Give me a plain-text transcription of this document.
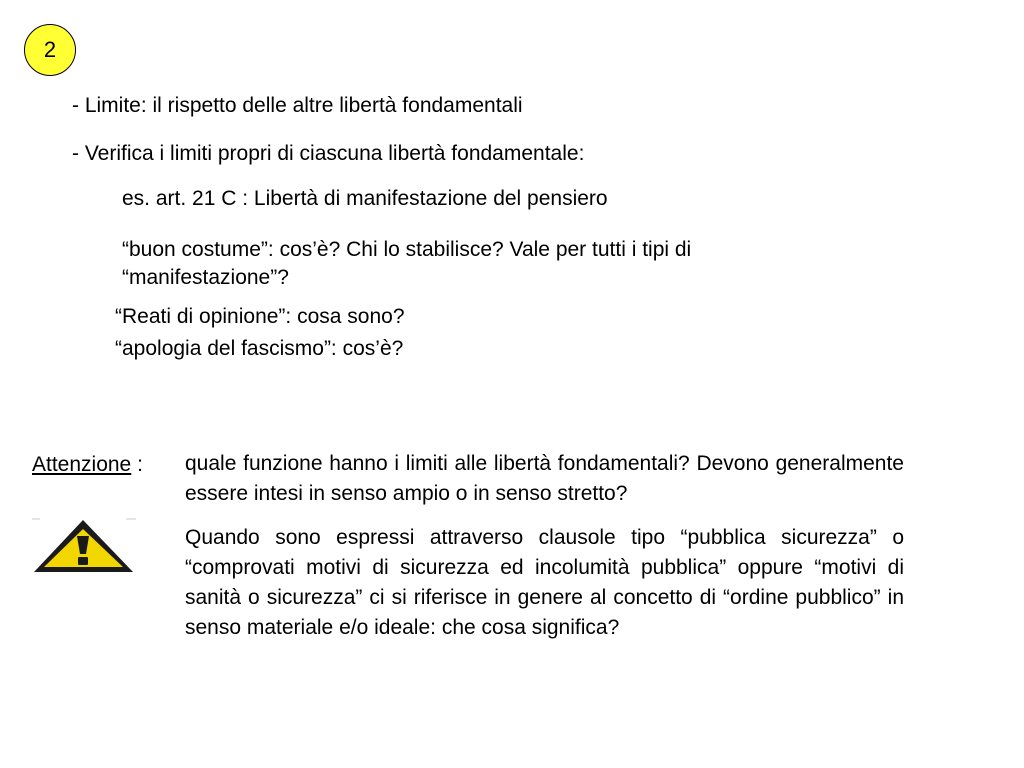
2
- Limite: il rispetto delle altre libertà fondamentali
- Verifica i limiti propri di ciascuna libertà fondamentale:
es. art. 21 C : Libertà di manifestazione del pensiero
“buon costume”: cos’è? Chi lo stabilisce? Vale per tutti i tipi di “manifestazione”?
“Reati di opinione”: cosa sono?
“apologia del fascismo”: cos’è?
Attenzione : quale funzione hanno i limiti alle libertà fondamentali? Devono generalmente essere intesi in senso ampio o in senso stretto?
Quando sono espressi attraverso clausole tipo “pubblica sicurezza” o “comprovati motivi di sicurezza ed incolumità pubblica” oppure “motivi di sanità o sicurezza” ci si riferisce in genere al concetto di “ordine pubblico” in senso materiale e/o ideale: che cosa significa?
